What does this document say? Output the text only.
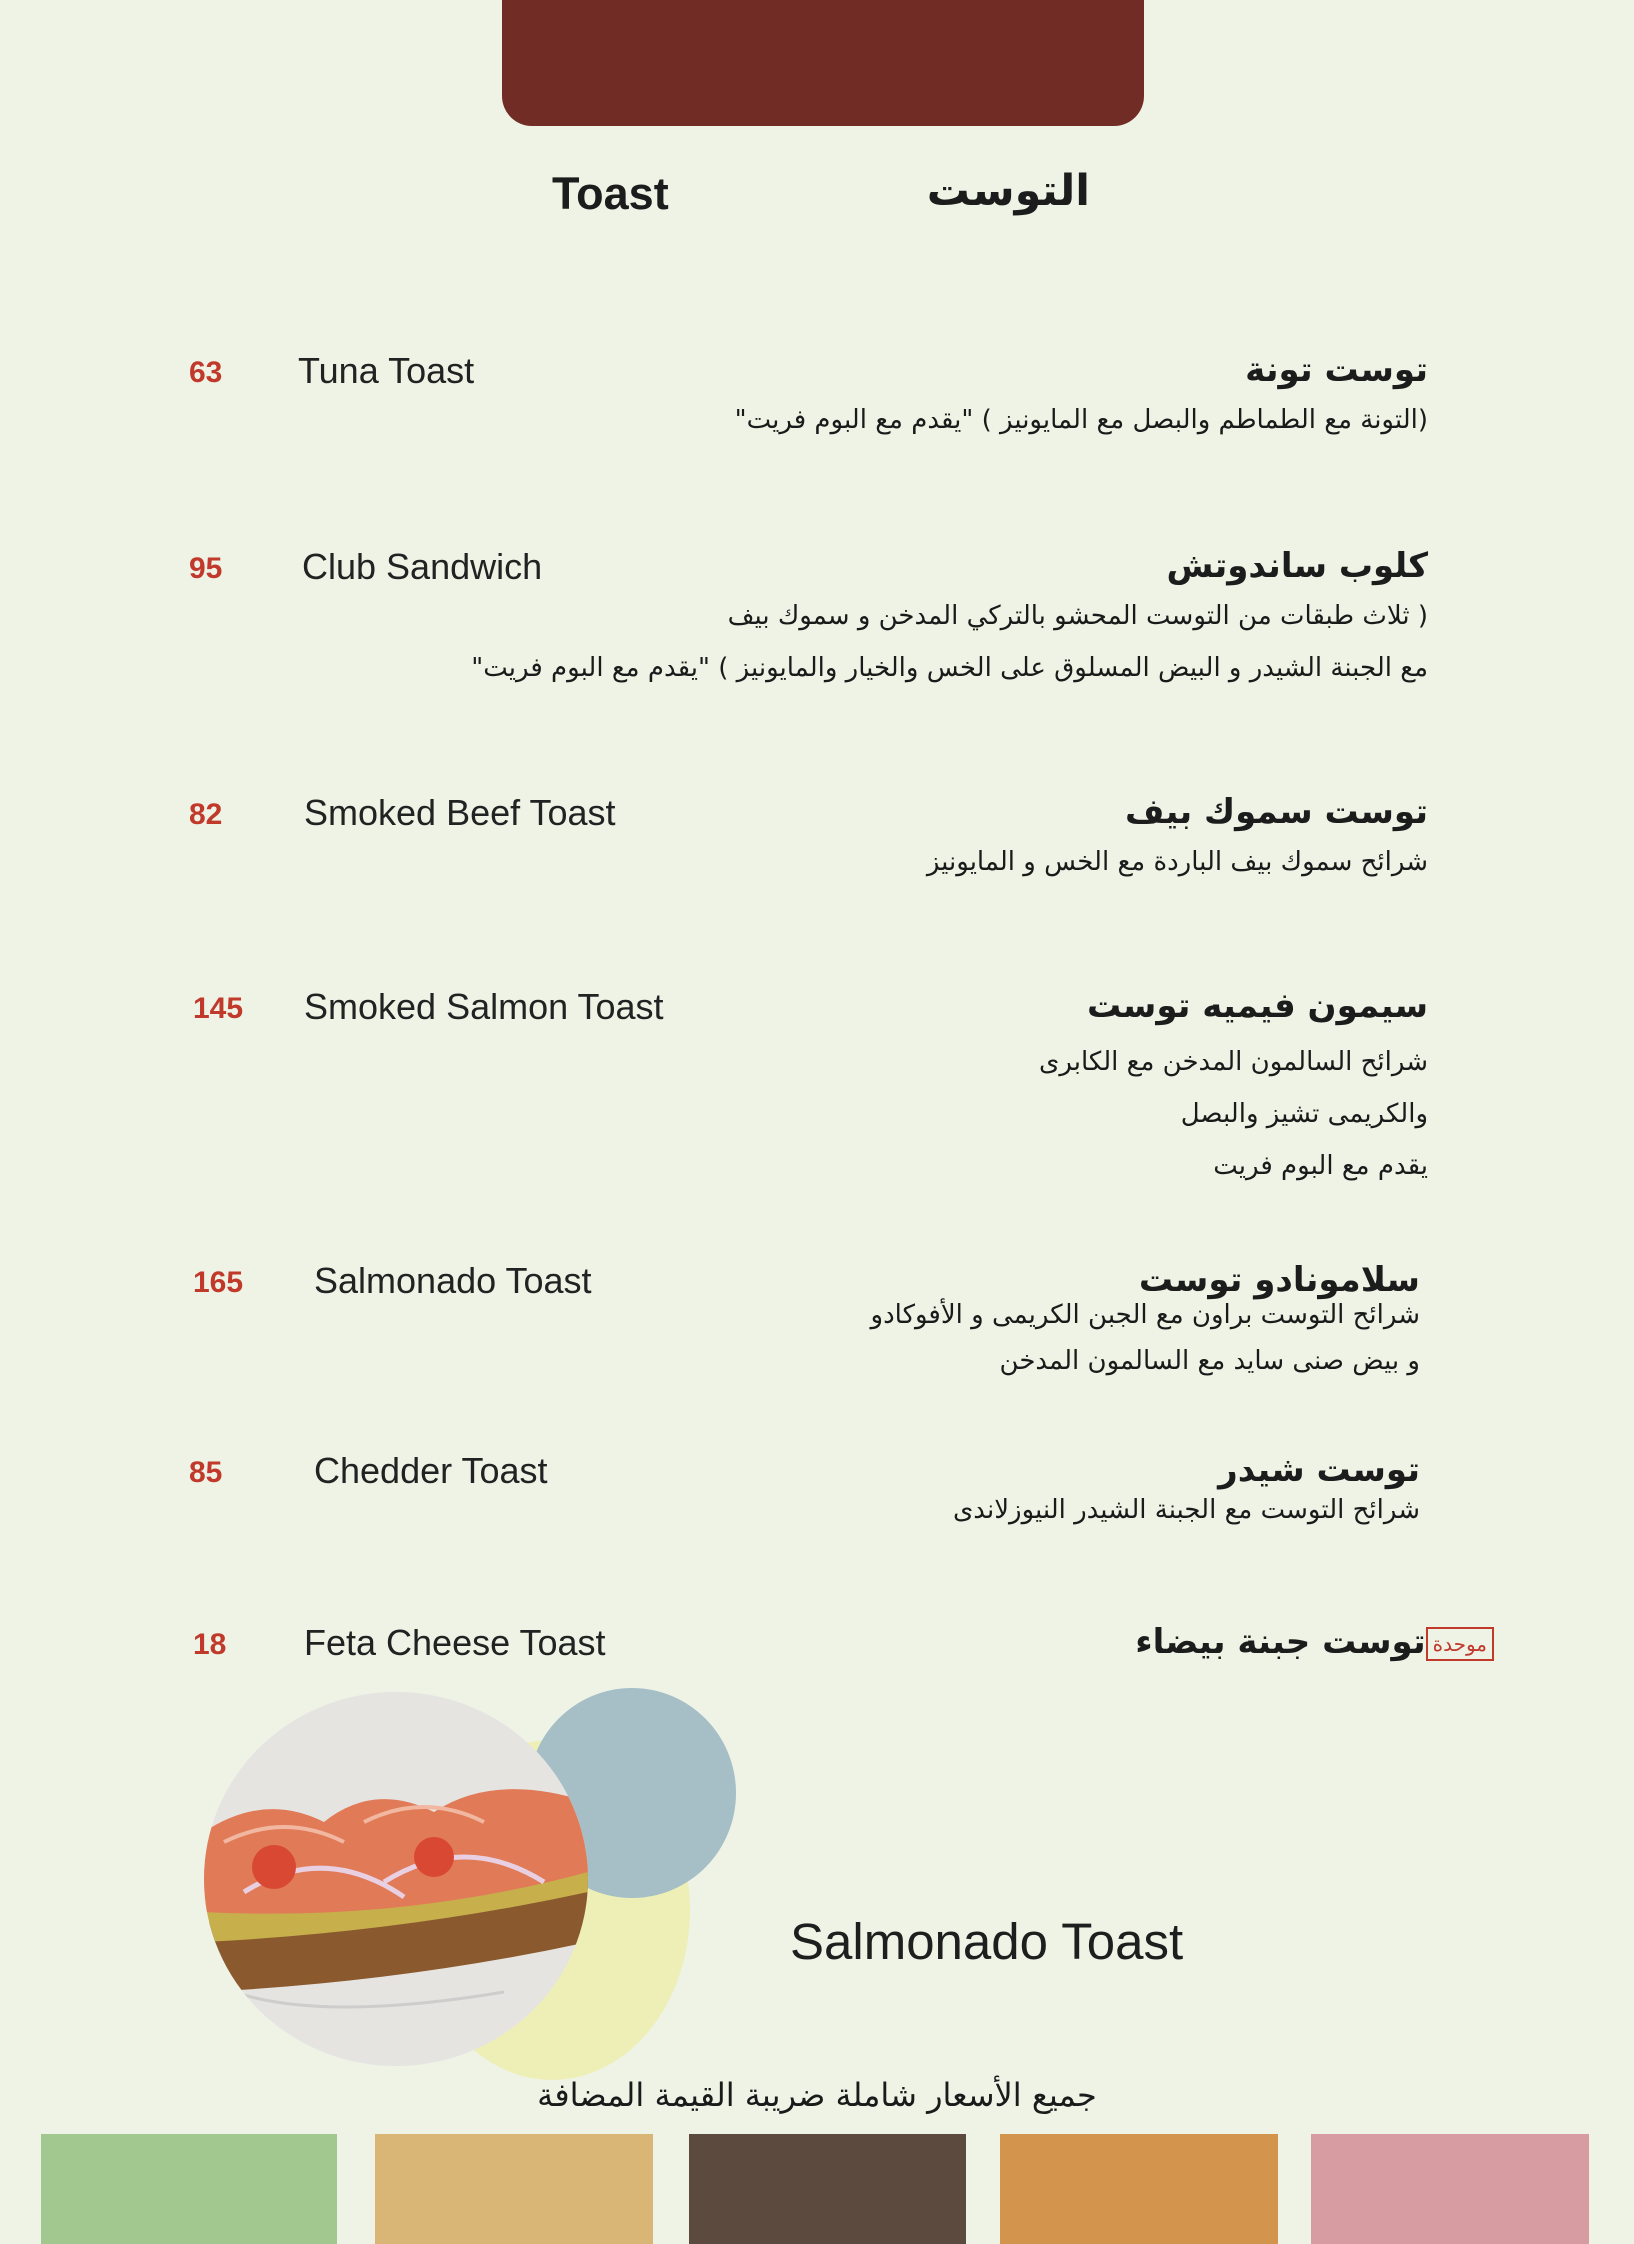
Toast	التوست
63 Tuna Toast	توست تونة
(التونة مع الطماطم والبصل مع المايونيز ) "يقدم مع البوم فريت"
95 Club Sandwich	كلوب ساندوتش
( ثلاث طبقات من التوست المحشو بالتركي المدخن و سموك بيف
مع الجبنة الشيدر و البيض المسلوق على الخس والخيار والمايونيز ) "يقدم مع البوم فريت"
82 Smoked Beef Toast	توست سموك بيف
شرائح سموك بيف الباردة مع الخس و المايونيز
145 Smoked Salmon Toast	سيمون فيميه توست
شرائح السالمون المدخن مع الكابرى
والكريمى تشيز والبصل
يقدم مع البوم فريت
165 Salmonado Toast	سلامونادو توست
شرائح التوست براون مع الجبن الكريمى و الأفوكادو
و بيض صنى سايد مع السالمون المدخن
85	Chedder Toast	توست شيدر
شرائح التوست مع الجبنة الشيدر النيوزلاندى
18 Feta Cheese Toast	موحدةتوست جبنة بيضاء
Salmonado Toast
جميع الأسعار شاملة ضريبة القيمة المضافة
